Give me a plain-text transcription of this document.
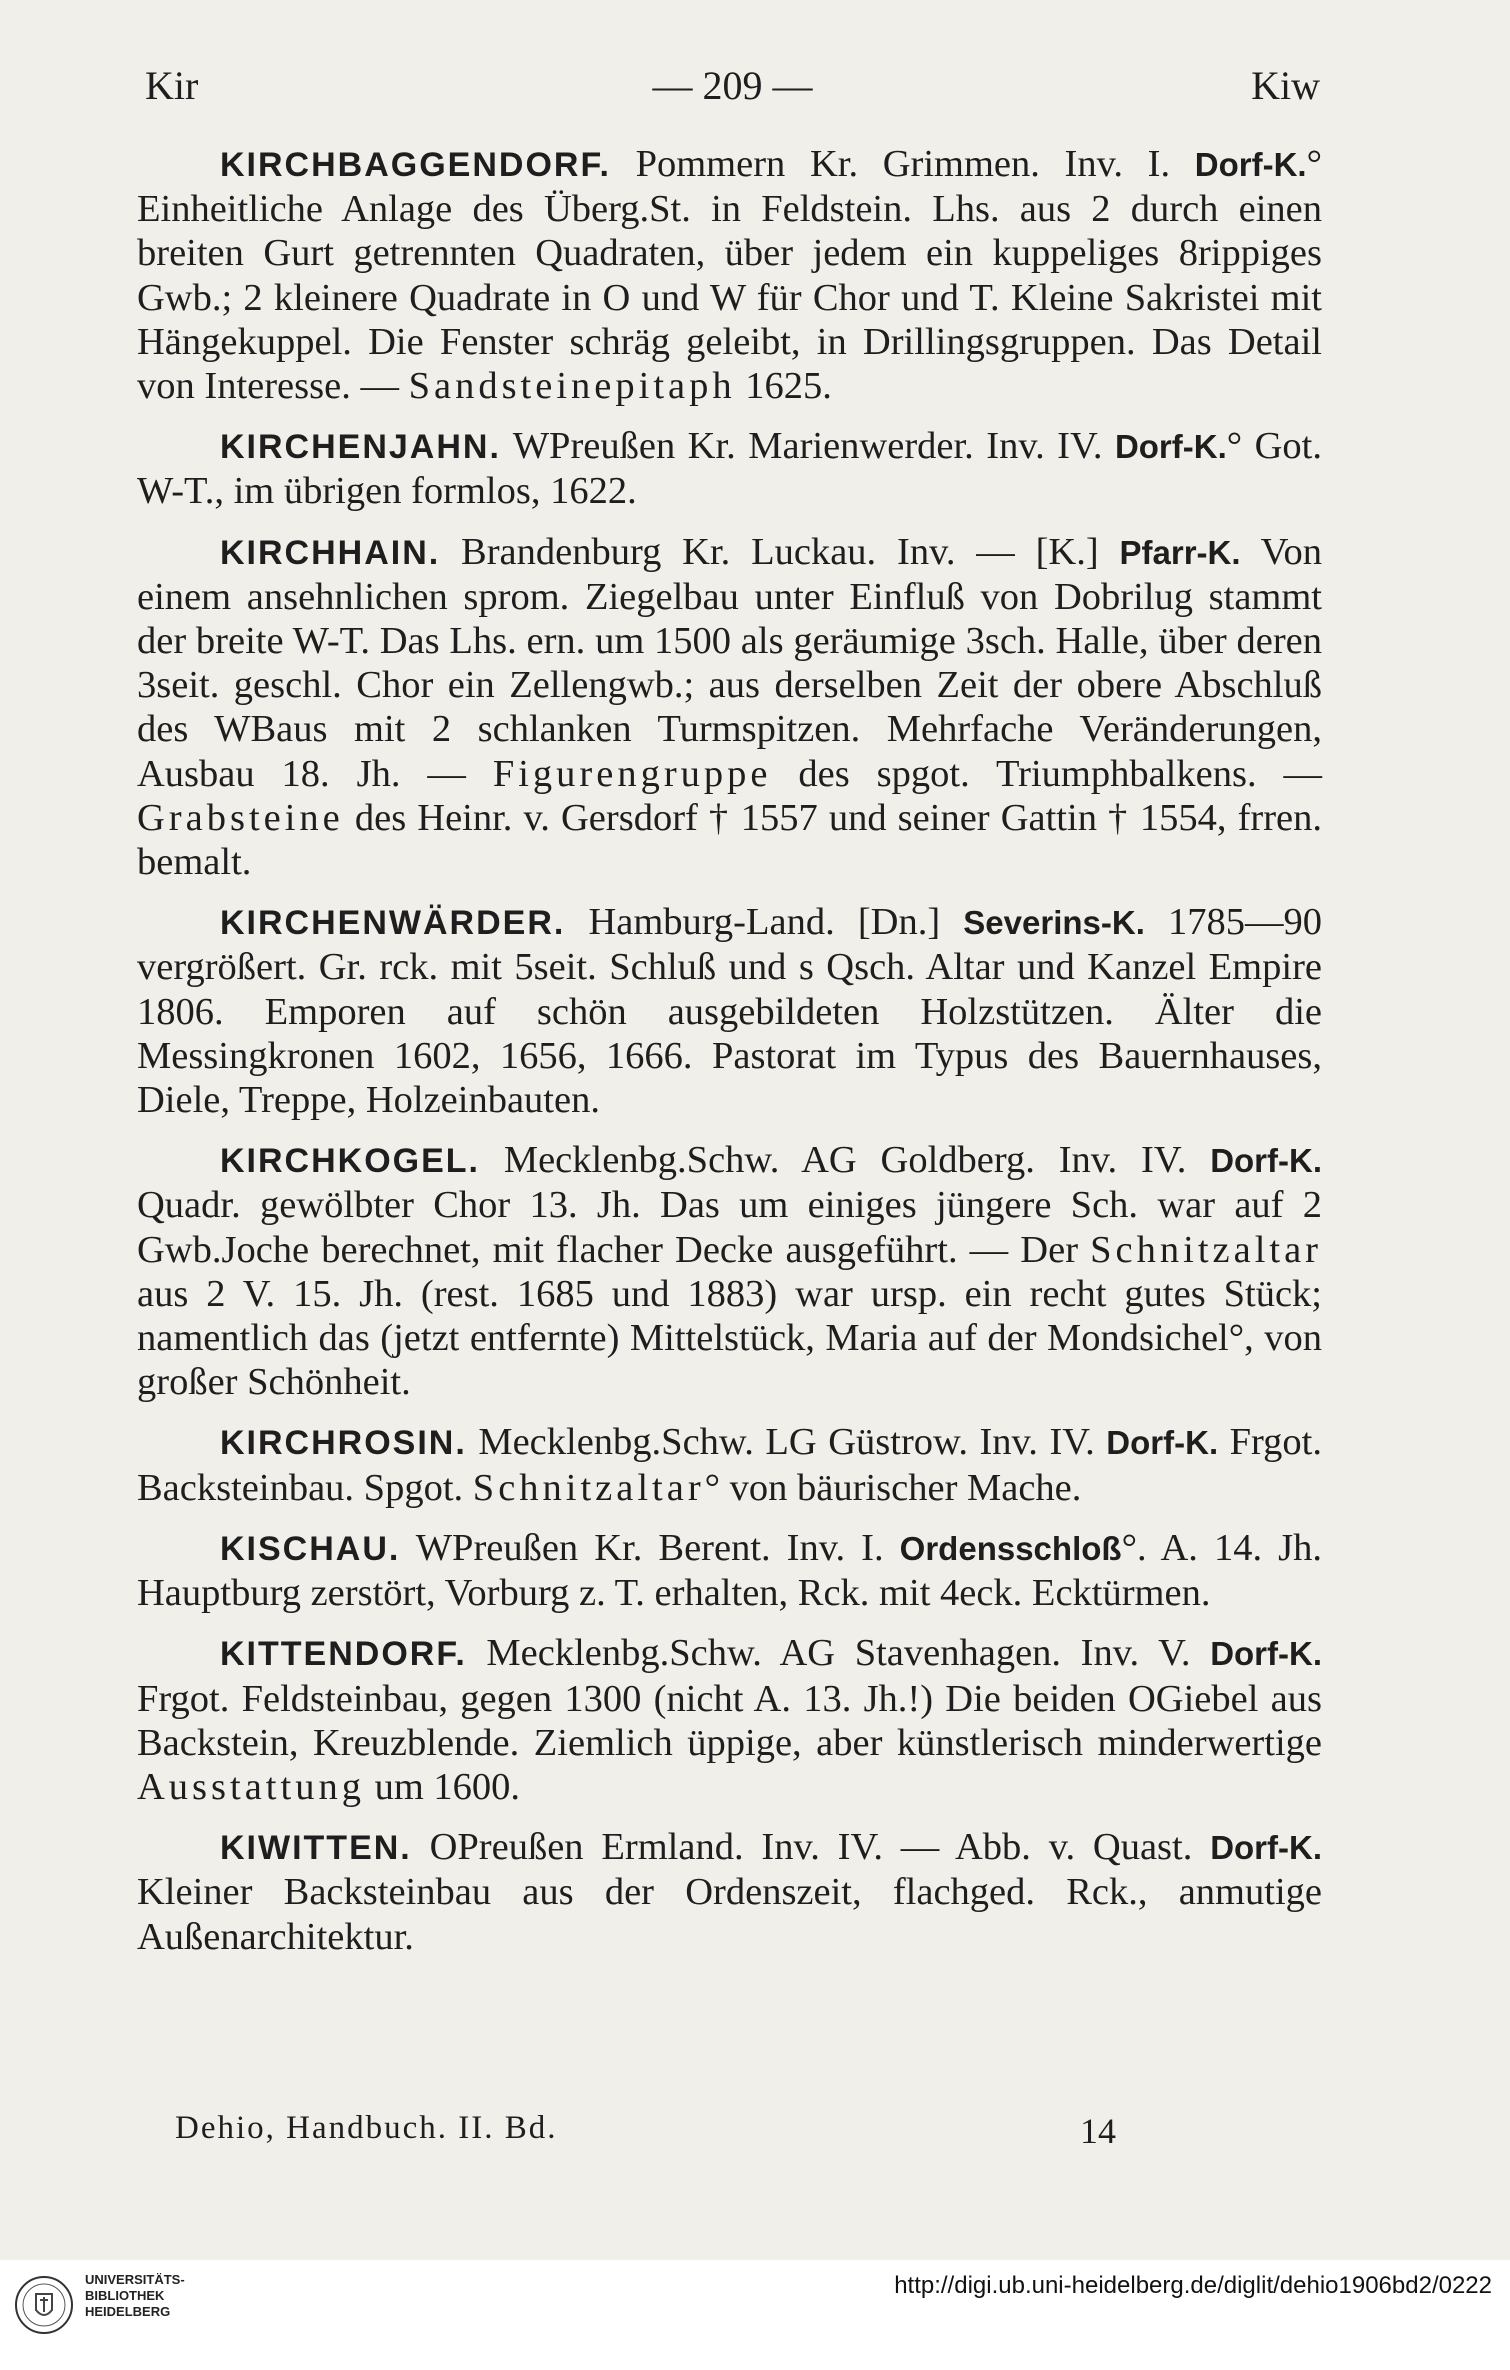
Kir	— 209 —	Kiw

KIRCHBAGGENDORF. Pommern Kr. Grimmen. Inv. I. Dorf-K.° Einheitliche Anlage des Überg.St. in Feldstein. Lhs. aus 2 durch einen breiten Gurt getrennten Quadraten, über jedem ein kuppeliges 8rippiges Gwb.; 2 kleinere Quadrate in O und W für Chor und T. Kleine Sakristei mit Hängekuppel. Die Fenster schräg geleibt, in Drillingsgruppen. Das Detail von Interesse. — Sandsteinepitaph 1625.

KIRCHENJAHN. WPreußen Kr. Marienwerder. Inv. IV. Dorf-K.° Got. W-T., im übrigen formlos, 1622.

KIRCHHAIN. Brandenburg Kr. Luckau. Inv. — [K.] Pfarr-K. Von einem ansehnlichen sprom. Ziegelbau unter Einfluß von Dobrilug stammt der breite W-T. Das Lhs. ern. um 1500 als geräumige 3sch. Halle, über deren 3seit. geschl. Chor ein Zellengwb.; aus derselben Zeit der obere Abschluß des WBaus mit 2 schlanken Turmspitzen. Mehrfache Veränderungen, Ausbau 18. Jh. — Figurengruppe des spgot. Triumphbalkens. — Grabsteine des Heinr. v. Gersdorf † 1557 und seiner Gattin † 1554, frren. bemalt.

KIRCHENWÄRDER. Hamburg-Land. [Dn.] Severins-K. 1785—90 vergrößert. Gr. rck. mit 5seit. Schluß und s Qsch. Altar und Kanzel Empire 1806. Emporen auf schön ausgebildeten Holzstützen. Älter die Messingkronen 1602, 1656, 1666. Pastorat im Typus des Bauernhauses, Diele, Treppe, Holzeinbauten.

KIRCHKOGEL. Mecklenbg.Schw. AG Goldberg. Inv. IV. Dorf-K. Quadr. gewölbter Chor 13. Jh. Das um einiges jüngere Sch. war auf 2 Gwb.Joche berechnet, mit flacher Decke ausgeführt. — Der Schnitzaltar aus 2 V. 15. Jh. (rest. 1685 und 1883) war ursp. ein recht gutes Stück; namentlich das (jetzt entfernte) Mittelstück, Maria auf der Mondsichel°, von großer Schönheit.

KIRCHROSIN. Mecklenbg.Schw. LG Güstrow. Inv. IV. Dorf-K. Frgot. Backsteinbau. Spgot. Schnitzaltar° von bäurischer Mache.

KISCHAU. WPreußen Kr. Berent. Inv. I. Ordensschloß°. A. 14. Jh. Hauptburg zerstört, Vorburg z. T. erhalten, Rck. mit 4eck. Ecktürmen.

KITTENDORF. Mecklenbg.Schw. AG Stavenhagen. Inv. V. Dorf-K. Frgot. Feldsteinbau, gegen 1300 (nicht A. 13. Jh.!) Die beiden OGiebel aus Backstein, Kreuzblende. Ziemlich üppige, aber künstlerisch minderwertige Ausstattung um 1600.

KIWITTEN. OPreußen Ermland. Inv. IV. — Abb. v. Quast. Dorf-K. Kleiner Backsteinbau aus der Ordenszeit, flachged. Rck., anmutige Außenarchitektur.

Dehio, Handbuch. II. Bd.	14
UNIVERSITÄTS-
BIBLIOTHEK
HEIDELBERG
http://digi.ub.uni-heidelberg.de/diglit/dehio1906bd2/0222
